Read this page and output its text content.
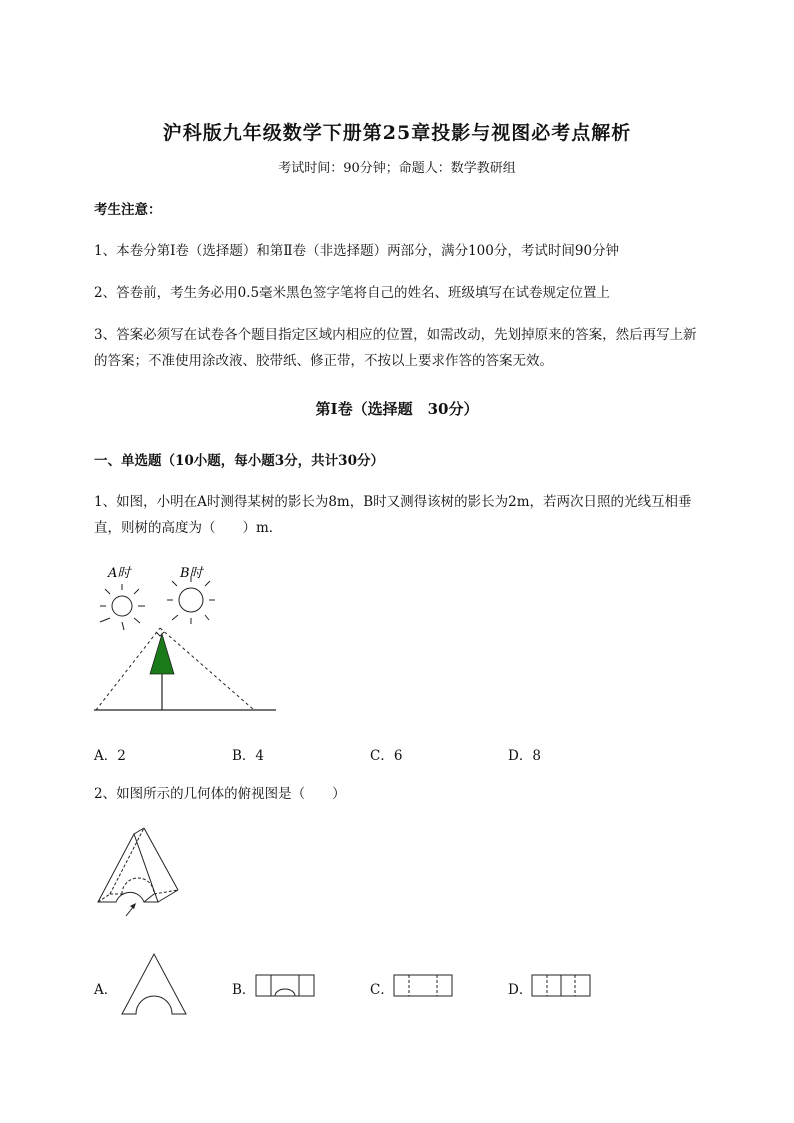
沪科版九年级数学下册第25章投影与视图必考点解析
考试时间：90分钟；命题人：数学教研组
考生注意：
1、本卷分第I卷（选择题）和第Ⅱ卷（非选择题）两部分，满分100分，考试时间90分钟
2、答卷前，考生务必用0.5毫米黑色签字笔将自己的姓名、班级填写在试卷规定位置上
3、答案必须写在试卷各个题目指定区域内相应的位置，如需改动，先划掉原来的答案，然后再写上新
的答案；不准使用涂改液、胶带纸、修正带，不按以上要求作答的答案无效。
第I卷（选择题　30分）
一、单选题（10小题，每小题3分，共计30分）
1、如图，小明在A时测得某树的影长为8m，B时又测得该树的影长为2m，若两次日照的光线互相垂
直，则树的高度为（　　）m．
A时	B时
A．2	B．4	C．6	D．8
2、如图所示的几何体的俯视图是（　　）
A．	B．	C．	D．
